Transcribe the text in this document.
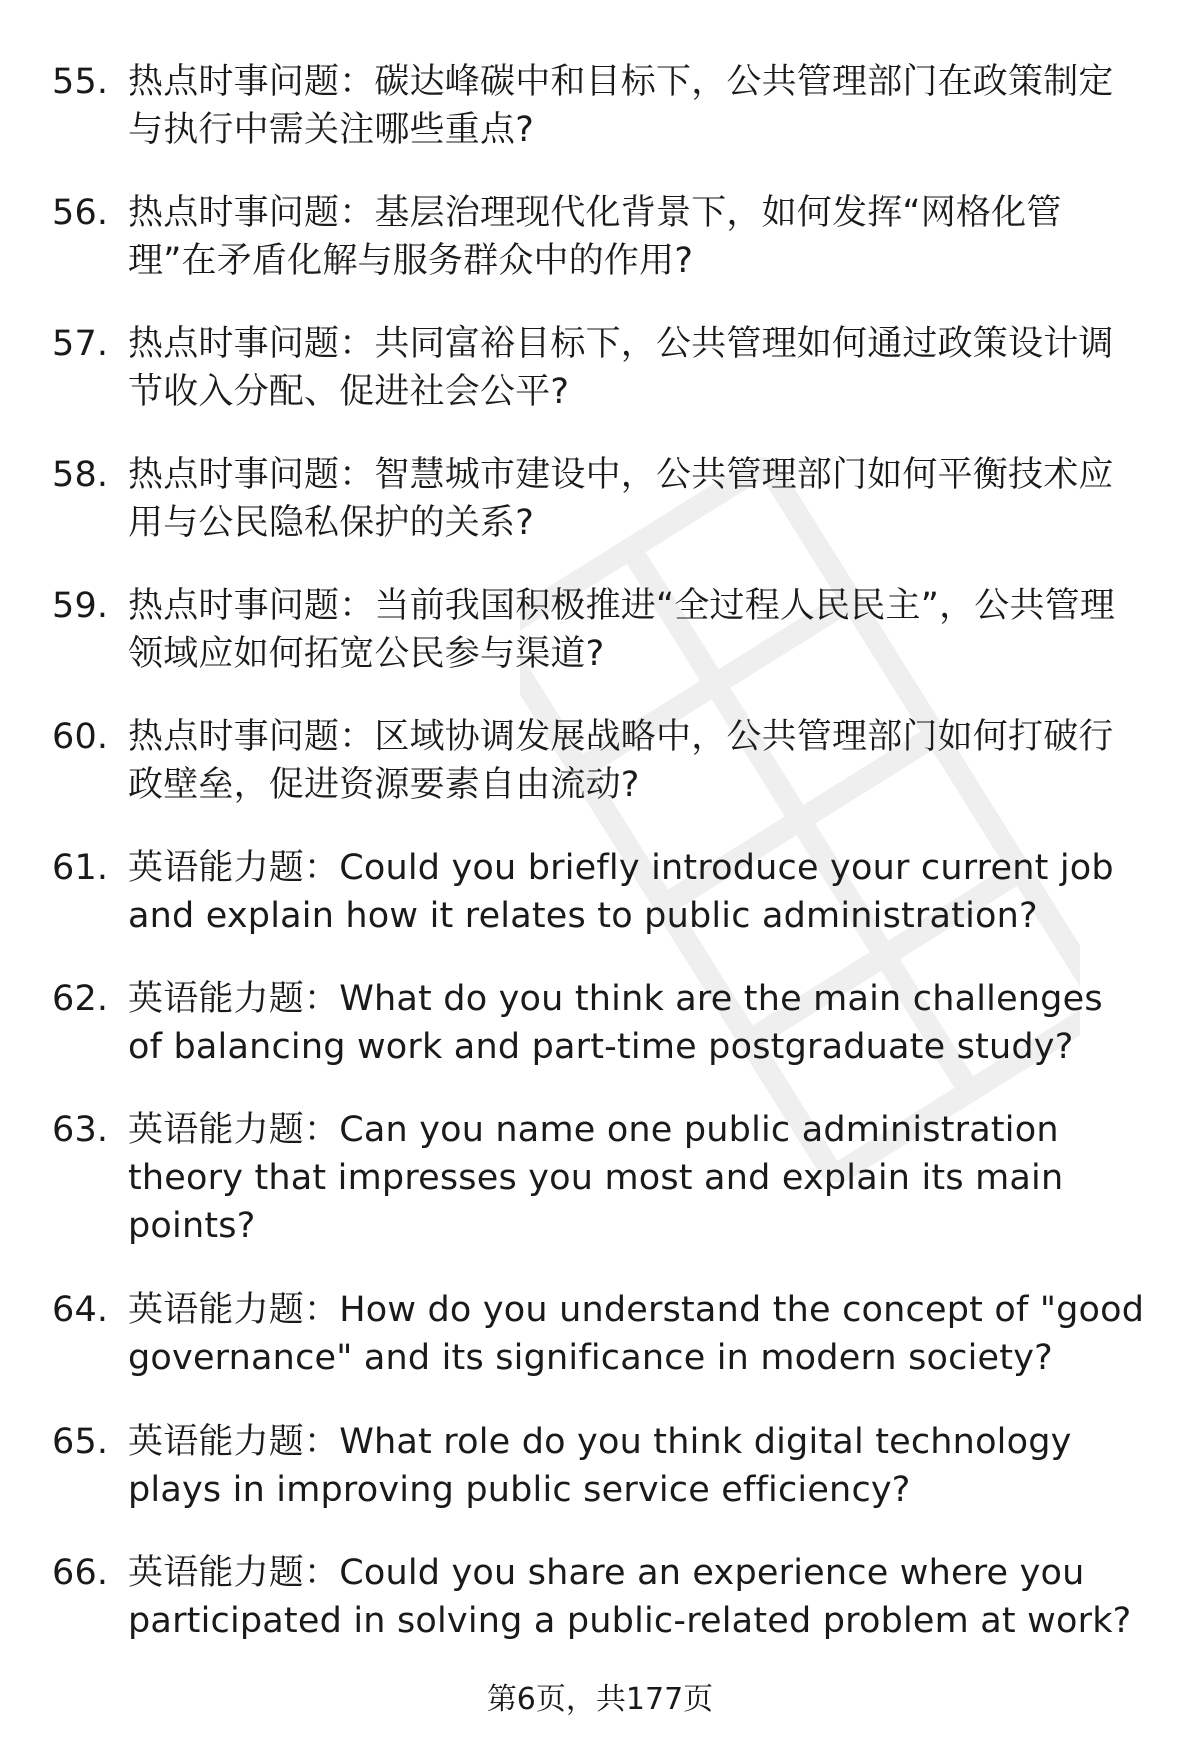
55. 热点时事问题：碳达峰碳中和目标下，公共管理部门在政策制定与执行中需关注哪些重点?
56. 热点时事问题：基层治理现代化背景下，如何发挥“网格化管理”在矛盾化解与服务群众中的作用?
57. 热点时事问题：共同富裕目标下，公共管理如何通过政策设计调节收入分配、促进社会公平?
58. 热点时事问题：智慧城市建设中，公共管理部门如何平衡技术应用与公民隐私保护的关系?
59. 热点时事问题：当前我国积极推进“全过程人民民主”，公共管理领域应如何拓宽公民参与渠道?
60. 热点时事问题：区域协调发展战略中，公共管理部门如何打破行政壁垒，促进资源要素自由流动?
61. 英语能力题：Could you briefly introduce your current job and explain how it relates to public administration?
62. 英语能力题：What do you think are the main challenges of balancing work and part-time postgraduate study?
63. 英语能力题：Can you name one public administration theory that impresses you most and explain its main points?
64. 英语能力题：How do you understand the concept of "good governance" and its significance in modern society?
65. 英语能力题：What role do you think digital technology plays in improving public service efficiency?
66. 英语能力题：Could you share an experience where you participated in solving a public-related problem at work?
第6页，共177页
